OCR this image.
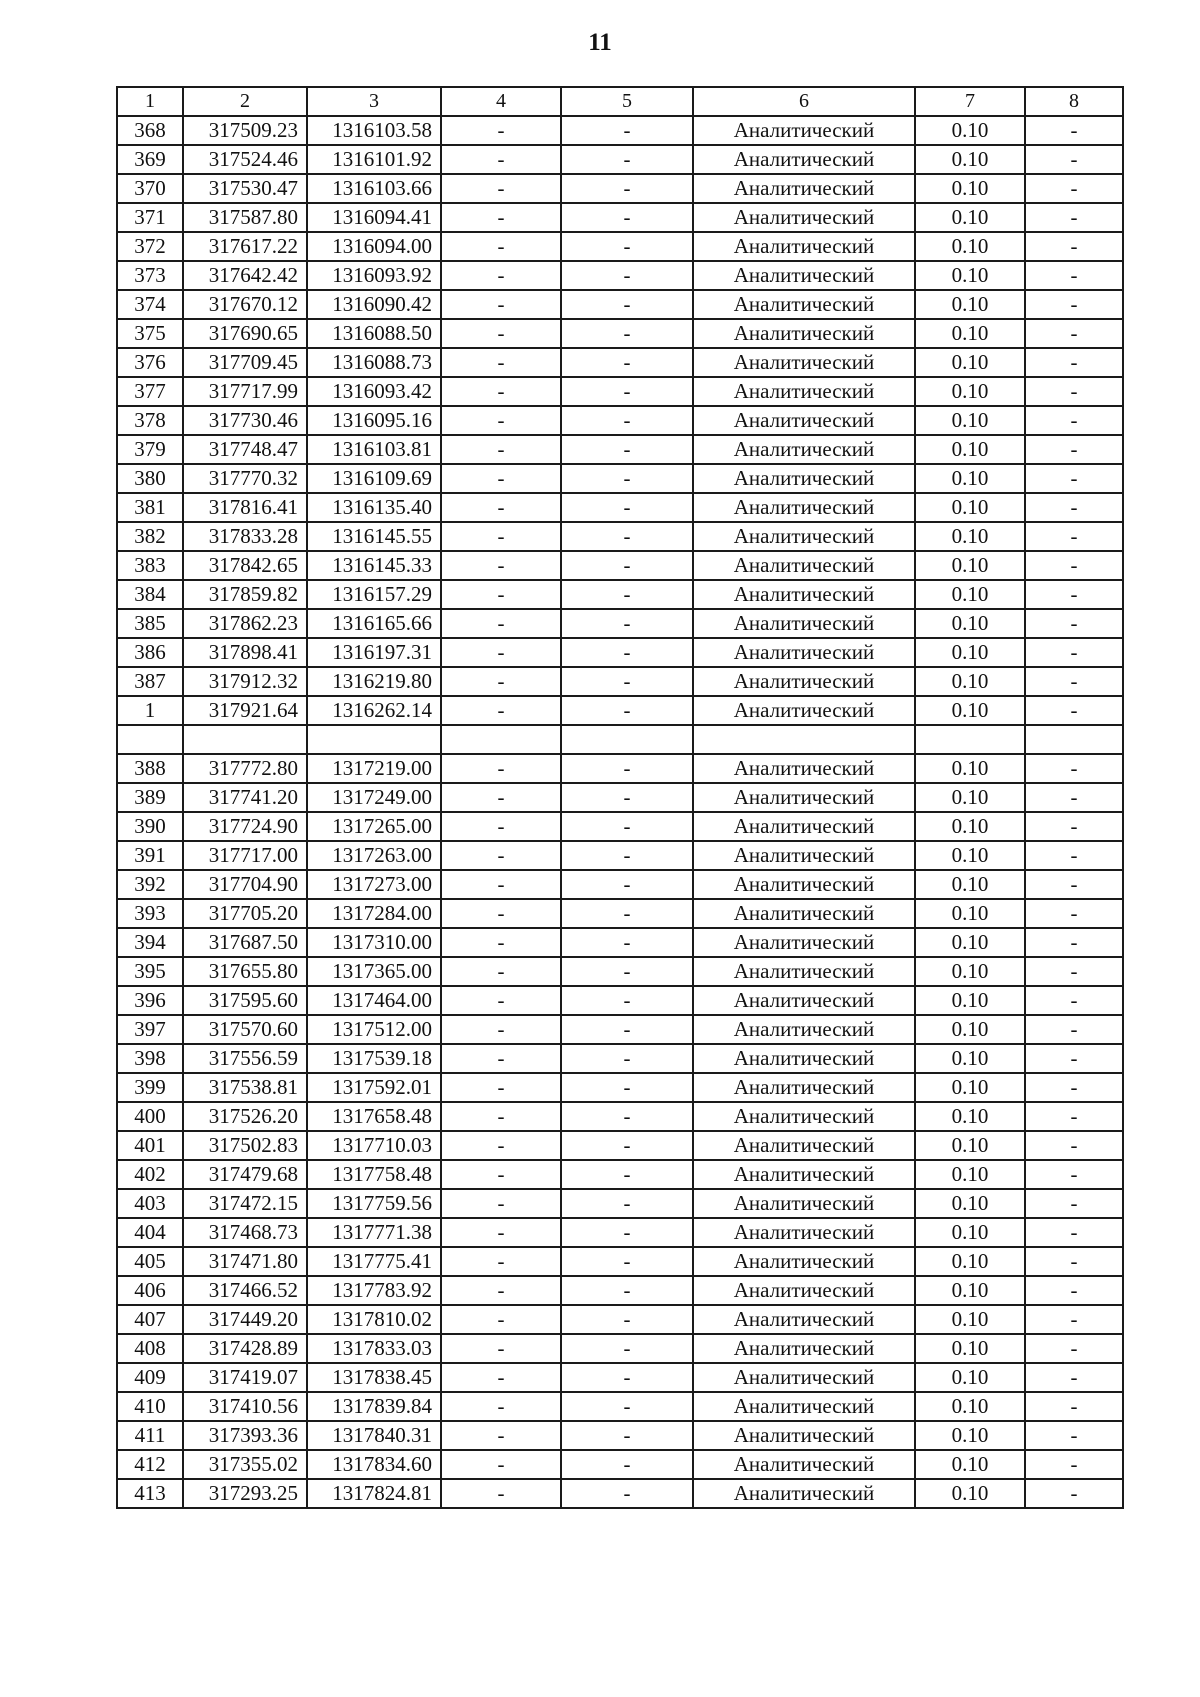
11
1	2	3	4	5	6	7	8
368	317509.23	1316103.58	-	-	Аналитический	0.10	-
369	317524.46	1316101.92	-	-	Аналитический	0.10	-
370	317530.47	1316103.66	-	-	Аналитический	0.10	-
371	317587.80	1316094.41	-	-	Аналитический	0.10	-
372	317617.22	1316094.00	-	-	Аналитический	0.10	-
373	317642.42	1316093.92	-	-	Аналитический	0.10	-
374	317670.12	1316090.42	-	-	Аналитический	0.10	-
375	317690.65	1316088.50	-	-	Аналитический	0.10	-
376	317709.45	1316088.73	-	-	Аналитический	0.10	-
377	317717.99	1316093.42	-	-	Аналитический	0.10	-
378	317730.46	1316095.16	-	-	Аналитический	0.10	-
379	317748.47	1316103.81	-	-	Аналитический	0.10	-
380	317770.32	1316109.69	-	-	Аналитический	0.10	-
381	317816.41	1316135.40	-	-	Аналитический	0.10	-
382	317833.28	1316145.55	-	-	Аналитический	0.10	-
383	317842.65	1316145.33	-	-	Аналитический	0.10	-
384	317859.82	1316157.29	-	-	Аналитический	0.10	-
385	317862.23	1316165.66	-	-	Аналитический	0.10	-
386	317898.41	1316197.31	-	-	Аналитический	0.10	-
387	317912.32	1316219.80	-	-	Аналитический	0.10	-
1	317921.64	1316262.14	-	-	Аналитический	0.10	-

388	317772.80	1317219.00	-	-	Аналитический	0.10	-
389	317741.20	1317249.00	-	-	Аналитический	0.10	-
390	317724.90	1317265.00	-	-	Аналитический	0.10	-
391	317717.00	1317263.00	-	-	Аналитический	0.10	-
392	317704.90	1317273.00	-	-	Аналитический	0.10	-
393	317705.20	1317284.00	-	-	Аналитический	0.10	-
394	317687.50	1317310.00	-	-	Аналитический	0.10	-
395	317655.80	1317365.00	-	-	Аналитический	0.10	-
396	317595.60	1317464.00	-	-	Аналитический	0.10	-
397	317570.60	1317512.00	-	-	Аналитический	0.10	-
398	317556.59	1317539.18	-	-	Аналитический	0.10	-
399	317538.81	1317592.01	-	-	Аналитический	0.10	-
400	317526.20	1317658.48	-	-	Аналитический	0.10	-
401	317502.83	1317710.03	-	-	Аналитический	0.10	-
402	317479.68	1317758.48	-	-	Аналитический	0.10	-
403	317472.15	1317759.56	-	-	Аналитический	0.10	-
404	317468.73	1317771.38	-	-	Аналитический	0.10	-
405	317471.80	1317775.41	-	-	Аналитический	0.10	-
406	317466.52	1317783.92	-	-	Аналитический	0.10	-
407	317449.20	1317810.02	-	-	Аналитический	0.10	-
408	317428.89	1317833.03	-	-	Аналитический	0.10	-
409	317419.07	1317838.45	-	-	Аналитический	0.10	-
410	317410.56	1317839.84	-	-	Аналитический	0.10	-
411	317393.36	1317840.31	-	-	Аналитический	0.10	-
412	317355.02	1317834.60	-	-	Аналитический	0.10	-
413	317293.25	1317824.81	-	-	Аналитический	0.10	-
